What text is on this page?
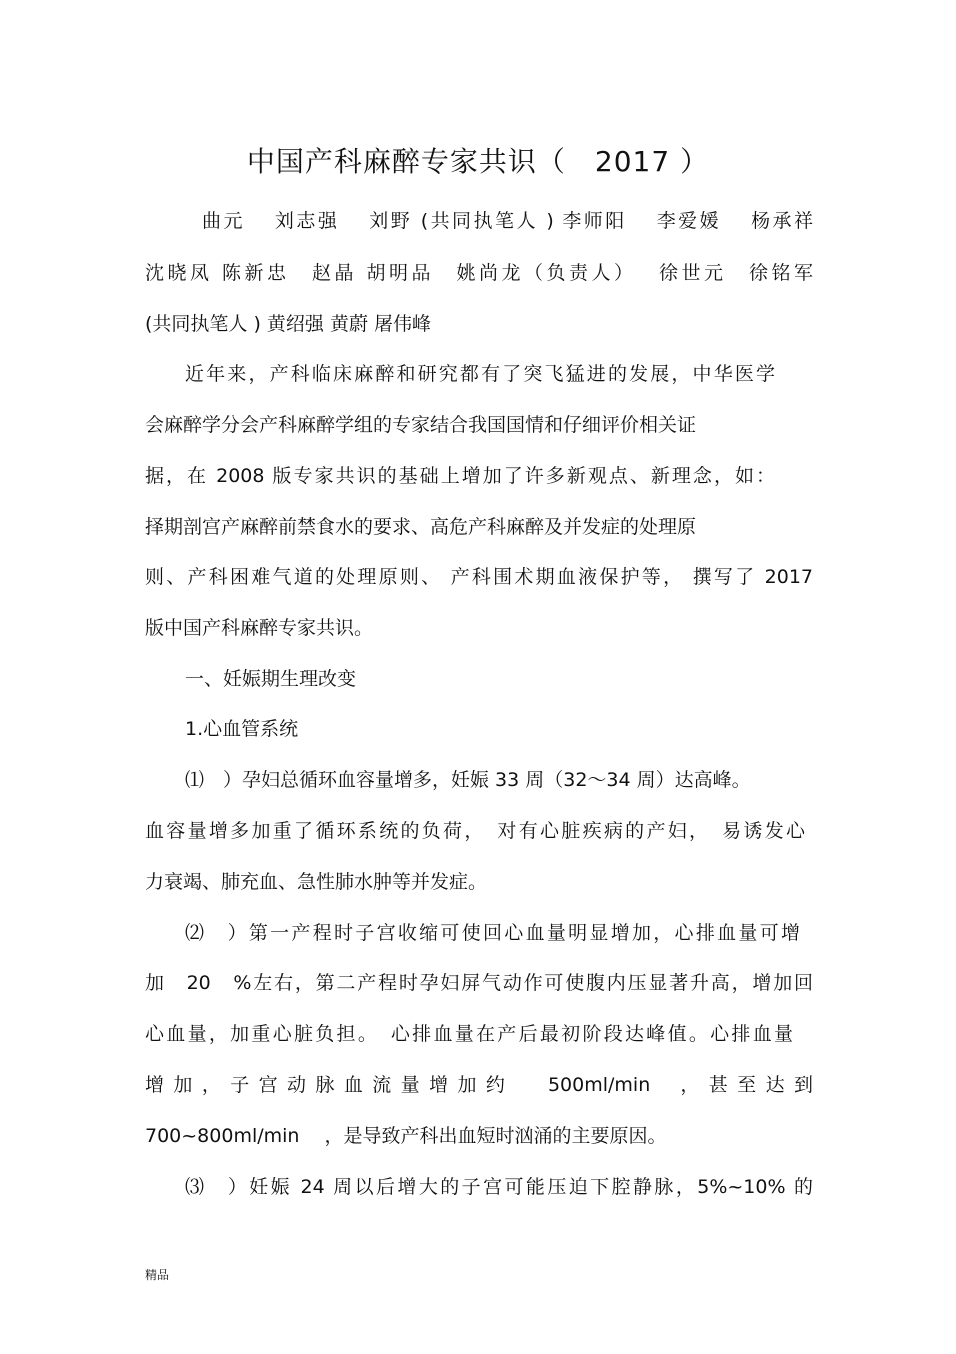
中国产科麻醉专家共识（　2017 ）
曲元　 刘志强　 刘野 (共同执笔人 ) 李师阳　 李爱媛　 杨承祥
沈晓凤 陈新忠　赵晶 胡明品　姚尚龙（负责人）　 徐世元　徐铭军
(共同执笔人 ) 黄绍强 黄蔚 屠伟峰
近年来，产科临床麻醉和研究都有了突飞猛进的发展，中华医学
会麻醉学分会产科麻醉学组的专家结合我国国情和仔细评价相关证
据，在 2008 版专家共识的基础上增加了许多新观点、新理念，如：
择期剖宫产麻醉前禁食水的要求、高危产科麻醉及并发症的处理原
则、产科困难气道的处理原则、 产科围术期血液保护等， 撰写了 2017
版中国产科麻醉专家共识。
一、妊娠期生理改变
1.心血管系统
⑴　）孕妇总循环血容量增多，妊娠 33 周（32～34 周）达高峰。
血容量增多加重了循环系统的负荷，　对有心脏疾病的产妇，　易诱发心
力衰竭、肺充血、急性肺水肿等并发症。
⑵　）第一产程时子宫收缩可使回心血量明显增加，心排血量可增
加　20　%左右，第二产程时孕妇屏气动作可使腹内压显著升高，增加回
心血量，加重心脏负担。　心排血量在产后最初阶段达峰值。心排血量
增 加 ， 子 宫 动 脉 血 流 量 增 加 约　　500ml/min　 ， 甚 至 达 到
700~800ml/min　 ，是导致产科出血短时汹涌的主要原因。
⑶　）妊娠 24 周以后增大的子宫可能压迫下腔静脉，5%~10% 的
精品
